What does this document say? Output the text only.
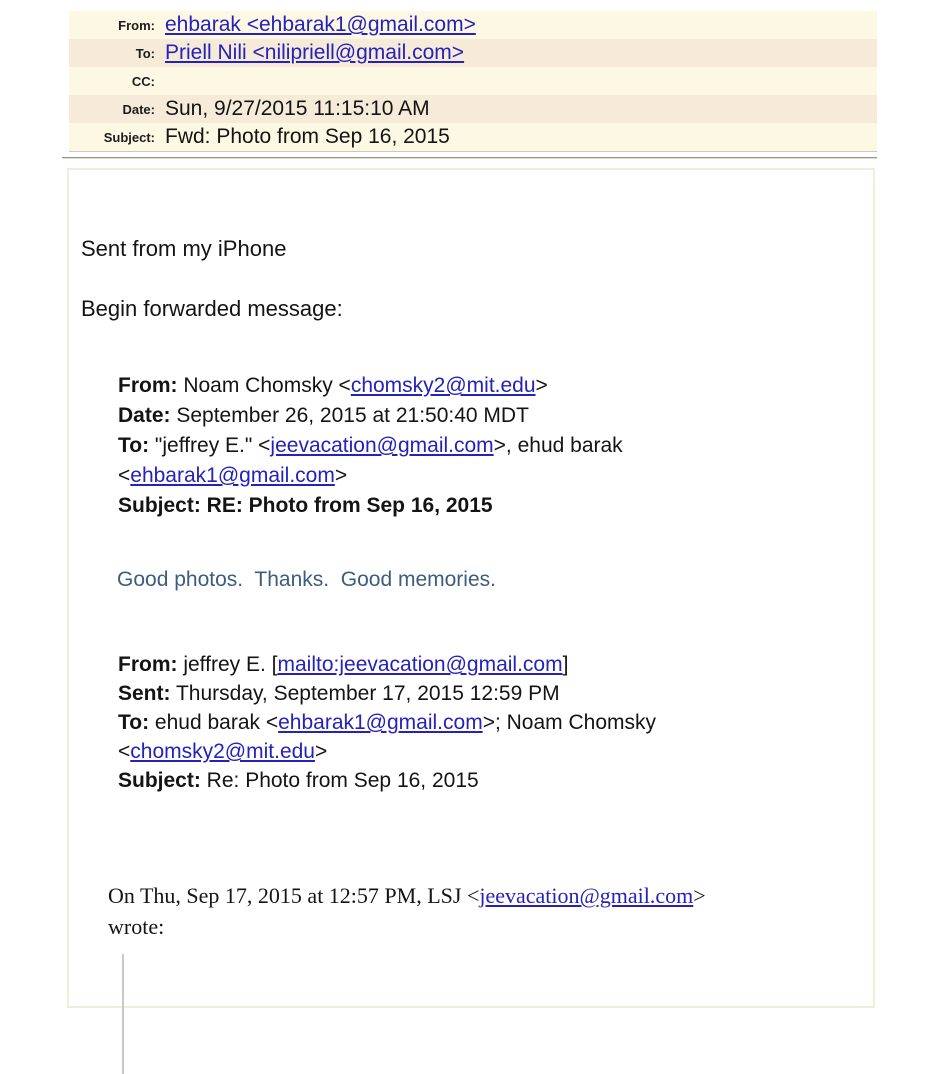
From: ehbarak <ehbarak1@gmail.com>
To: Priell Nili <nilipriell@gmail.com>
CC:
Date: Sun, 9/27/2015 11:15:10 AM
Subject: Fwd: Photo from Sep 16, 2015
Sent from my iPhone
Begin forwarded message:
From: Noam Chomsky <chomsky2@mit.edu>
Date: September 26, 2015 at 21:50:40 MDT
To: "jeffrey E." <jeevacation@gmail.com>, ehud barak
<ehbarak1@gmail.com>
Subject: RE: Photo from Sep 16, 2015
Good photos.  Thanks.  Good memories.
From: jeffrey E. [mailto:jeevacation@gmail.com]
Sent: Thursday, September 17, 2015 12:59 PM
To: ehud barak <ehbarak1@gmail.com>; Noam Chomsky
<chomsky2@mit.edu>
Subject: Re: Photo from Sep 16, 2015
On Thu, Sep 17, 2015 at 12:57 PM, LSJ <jeevacation@gmail.com>
wrote:
